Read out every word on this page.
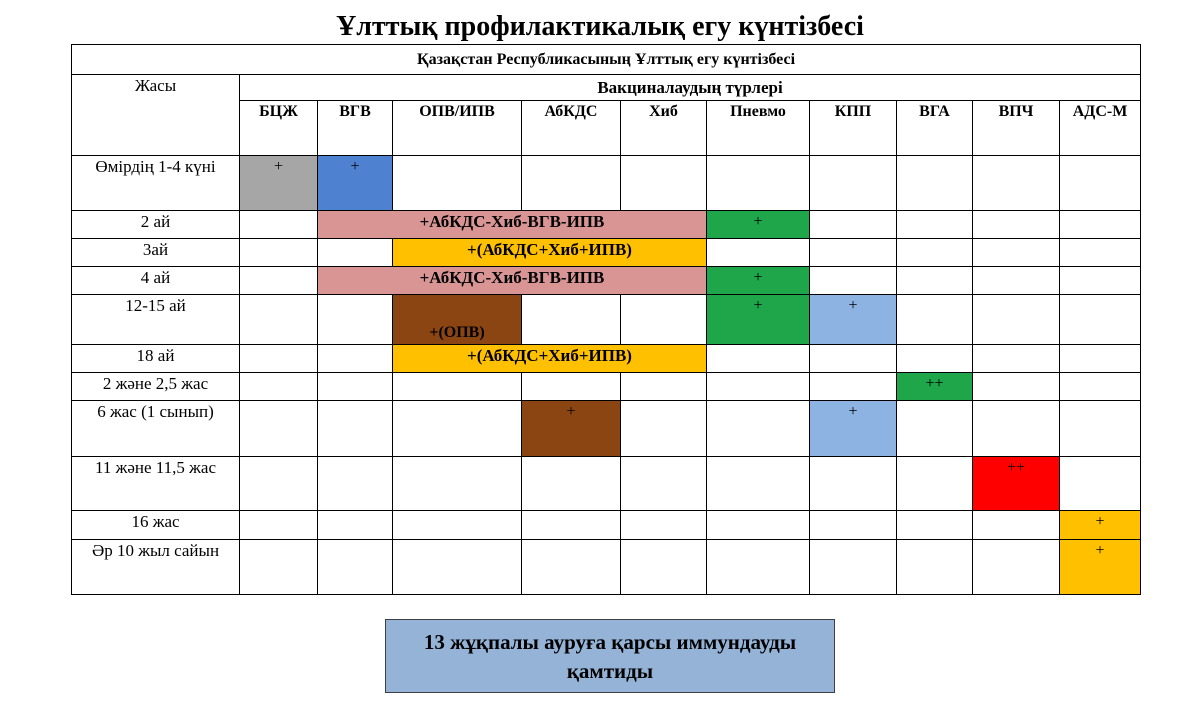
Ұлттық профилактикалық егу күнтізбесі
Қазақстан Республикасының Ұлттық егу күнтізбесі										
Жасы	Вакциналаудың түрлері									
	БЦЖ	ВГВ	ОПВ/ИПВ	АбКДС	Хиб	Пневмо	КПП	ВГА	ВПЧ	АДС-М
Өмірдің 1-4 күні	+	+								
2 ай		+АбКДС-Хиб-ВГВ-ИПВ				+				
3ай			+(АбКДС+Хиб+ИПВ)							
4 ай		+АбКДС-Хиб-ВГВ-ИПВ				+				
12-15 ай			+(ОПВ)			+	+			
18 ай			+(АбКДС+Хиб+ИПВ)							
2 және 2,5 жас								++		
6 жас (1 сынып)				+			+			
11 және 11,5 жас									++	
16 жас										+
Әр 10 жыл сайын										+
13 жұқпалы ауруға қарсы иммундауды қамтиды
